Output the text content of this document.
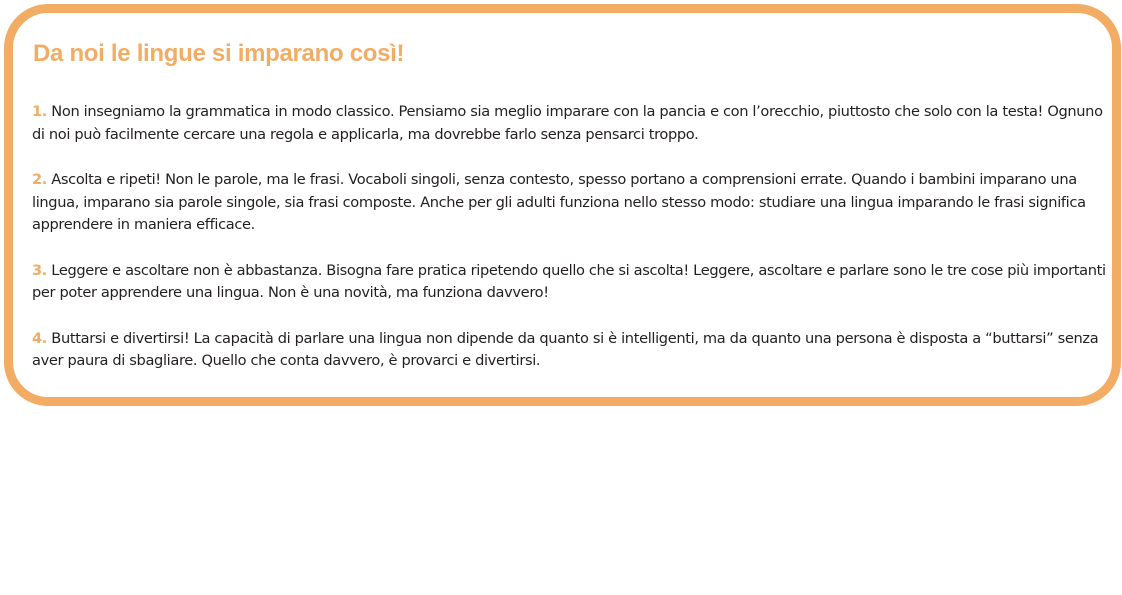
Da noi le lingue si imparano così!

1. Non insegniamo la grammatica in modo classico. Pensiamo sia meglio imparare con la pancia e con l’orecchio, piuttosto che solo con la testa! Ognuno di noi può facilmente cercare una regola e applicarla, ma dovrebbe farlo senza pensarci troppo.

2. Ascolta e ripeti! Non le parole, ma le frasi. Vocaboli singoli, senza contesto, spesso portano a comprensioni errate. Quando i bambini imparano una lingua, imparano sia parole singole, sia frasi composte. Anche per gli adulti funziona nello stesso modo: studiare una lingua imparando le frasi significa apprendere in maniera efficace.

3. Leggere e ascoltare non è abbastanza. Bisogna fare pratica ripetendo quello che si ascolta! Leggere, ascoltare e parlare sono le tre cose più importanti per poter apprendere una lingua. Non è una novità, ma funziona davvero!

4. Buttarsi e divertirsi! La capacità di parlare una lingua non dipende da quanto si è intelligenti, ma da quanto una persona è disposta a “buttarsi” senza aver paura di sbagliare. Quello che conta davvero, è provarci e divertirsi.
